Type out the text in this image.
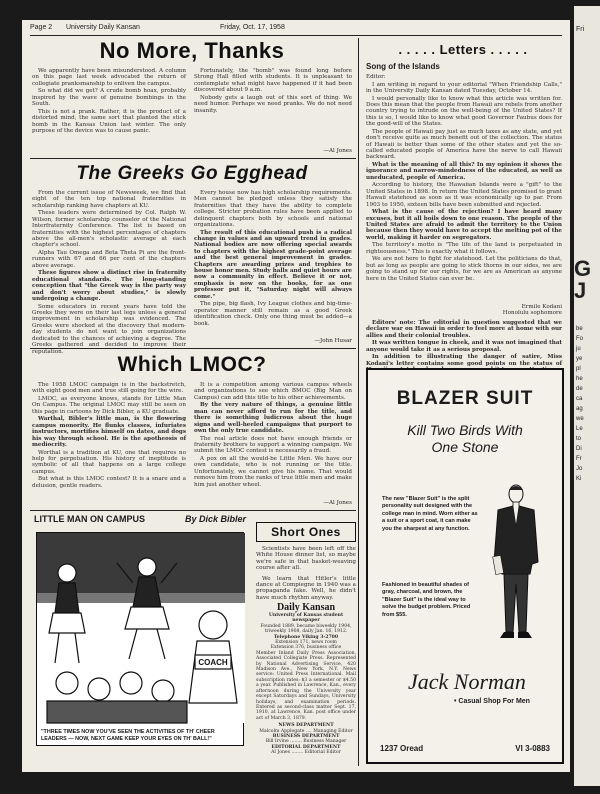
Page 2 University Daily Kansan	Friday, Oct. 17, 1958
No More, Thanks

We apparently have been misunderstood. A column on this page last week advocated the return of collegiate pranksmanship to enliven the campus.

So what did we get? A crude bomb hoax, probably inspired by the wave of genuine bombings in the South.

This is not a prank. Rather, it is the product of a distorted mind, the same sort that planted the stick bomb in the Kansas Union last winter. The only purpose of the device was to cause panic.

Fortunately, the "bomb" was found long before Strong Hall filled with students. It is unpleasant to contemplate what might have happened if it had been discovered about 9 a.m.

Nobody gets a laugh out of this sort of thing. We need humor. Perhaps we need pranks. We do not need insanity.

—Al Jones
The Greeks Go Egghead

From the current issue of Newsweek, we find that eight of the ten top national fraternities in scholarship ranking have chapters at KU.

These leaders were determined by Col. Ralph W. Wilson, former scholarship counselor of the National Interfraternity Conference. The list is based on fraternities with the highest percentages of chapters above the all-men's scholastic average at each chapter's school.

Alpha Tau Omega and Beta Theta Pi are the front-runners with 67 and 66 per cent of the chapters above average.

These figures show a distinct rise in fraternity educational standards. The long-standing conception that "the Greek way is the party way and don't worry about studies," is slowly undergoing a change.

Some educators in recent years have told the Greeks they were on their last legs unless a general improvement in scholarship was evidenced. The Greeks were shocked at the discovery that modern-day students do not want to join organizations dedicated to the chances of achieving a degree. The Greeks gathered and decided to improve their reputation.

Every house now has high scholarship requirements. Men cannot be pledged unless they satisfy the fraternities that they have the ability to complete college. Stricter probation rules have been applied to delinquent chapters both by schools and national organizations.

The result of this educational push is a radical change in values and an upward trend in grades. National bodies are now offering special awards to chapters with the highest grade-point average and the best general improvement in grades. Chapters are awarding prizes and trophies to house honor men. Study halls and quiet hours are now a community in effect. Believe it or not, emphasis is now on the books, for as one professor put it, "Saturday night will always come."

The pipe, big flash, Ivy League clothes and big-time-operator manner still remain as a good Greek identification check. Only one thing must be added—a book.

—John Husar
Which LMOC?

The 1958 LMOC campaign is in the backstretch, with eight good men and true still going for the wire.

LMOC, as everyone knows, stands for Little Man On Campus. The original LMOC may still be seen on this page in cartoons by Dick Bibler, a KU graduate.

Warthal, Bibler's little man, is the flowering campus monority. He flunks classes, infuriates instructors, mortifies himself on dates, and dogs his way through school. He is the apotheosis of mediocrity.

Worthal is a tradition at KU, one that requires no help for perpetuation. His history of ineptitude is symbolic of all that happens on a large college campus.

But what is this LMOC contest? It is a snare and a delusion, gentle readers.

It is a competition among various campus wheels and organizations to see which BMOC (Big Man on Campus) can add this title to his other achievements.

By the very nature of things, a genuine little man can never afford to run for the title, and there is something ludicrous about the huge signs and well-heeled campaigns that purport to own the only true candidate.

The real article does not have enough friends or fraternity brothers to support a winning campaign. We submit the LMOC contest is necessarily a fraud.

A pox on all the would-be Little Men. We have our own candidate, who is not running or the title. Unfortunately, we cannot give his name. That would remove him from the ranks of true little men and make him just another wheel.

—Al Jones
. . . . . Letters . . . . .
Song of the Islands

Editor:

I am writing in regard to your editorial "When Friendship Calls," in the University Daily Kansan dated Tuesday, October 14.

I would personally like to know what this article was written for. Does this mean that the people from Hawaii are rebels from another country trying to intrude on the well-being of the United States? If this is so, I would like to know what good Governor Faubus does for the good-will of the States.

The people of Hawaii pay just as much taxes as any state, and yet don't receive quite as much benefit out of the collection. The status of Hawaii is better than some of the other states and yet the so-called educated people of America have the nerve to call Hawaii backward.

What is the meaning of all this? In my opinion it shows the ignorance and narrow-mindedness of the educated, as well as uneducated, people of America.

According to history, the Hawaiian Islands were a "gift" to the United States in 1898. In return the United States promised to grant Hawaii statehood as soon as it was economically up to par. From 1903 to 1950, sixteen bills have been submitted and rejected.

What is the cause of the rejection? I have heard many excuses, but it all boils down to one reason. The people of the United States are afraid to admit the territory to the Union because then they would have to accept the melting pot of the world, making it harder on segregators.

The territory's motto is "The life of the land is perpetuated in righteousness." This is exactly what it follows.

We are not here to fight for statehood. Let the politicians do that, but as long as people are going to stick thorns in our sides, we are going to stand up for our rights, for we are as American as anyone here in the United States can ever be.

Ermile Kodani
Honolulu sophomore

Editors' note: The editorial in question suggested that we declare war on Hawaii in order to feel more at home with our allies and their colonial troubles.

It was written tongue in cheek, and it was not imagined that anyone would take it as a serious proposal.

In addition to illustrating the danger of satire, Miss Kodani's letter contains some good points on the status of

BLAZER SUIT
Kill Two Birds With
One Stone
The new "Blazer Suit" is the split personality suit designed with the college man in mind. Worn either as a suit or a sport coat, it can make you the sharpest at any function.
Fashioned in beautiful shades of gray, charcoal, and brown, the "Blazer Suit" is the ideal way to solve the budget problem. Priced from $55.
Jack Norman
• Casual Shop For Men
1237 Oread	VI 3-0883
LITTLE MAN ON CAMPUS	By Dick Bibler
COACH
"THREE TIMES NOW YOU'VE SEEN THE ACTIVITIES OF TH' CHEER LEADERS — NOW, NEXT GAME KEEP YOUR EYES ON TH' BALL!"
Short Ones

Scientists have been left off the White House dinner list, so maybe we're safe in that basket-weaving course after all.

We learn that Hitler's little dance at Compiegne in 1940 was a propaganda fake. Well, he didn't have much rhythm anyway.

Daily Kansan
University of Kansas student newspaper
Founded 1889, became biweekly 1904, triweekly 1908, daily Jan. 16, 1912.
Telephone Viking 3-2700
Extension 171, news room
Extension 376, business office
Member Inland Daily Press Association, Associated Collegiate Press. Represented by National Advertising Service, 420 Madison Ave., New York, N.Y. News service: United Press International. Mail subscription rates: $3 a semester or $4.50 a year. Published in Lawrence, Kan., every afternoon during the University year except Saturdays and Sundays, University holidays, and examination periods. Entered as second-class matter Sept. 17, 1910, at Lawrence, Kan. post office under act of March 3, 1879.
NEWS DEPARTMENT
Malcolm Applegate .... Managing Editor
BUSINESS DEPARTMENT
Bill Irvine ........ Business Manager
EDITORIAL DEPARTMENT
Al Jones ........ Editorial Editor
Fri
G
J
be
Fo
ju
ye
pl
he
de
ca
ag
we
Le
to
Di
Fr
Jo
Ki
